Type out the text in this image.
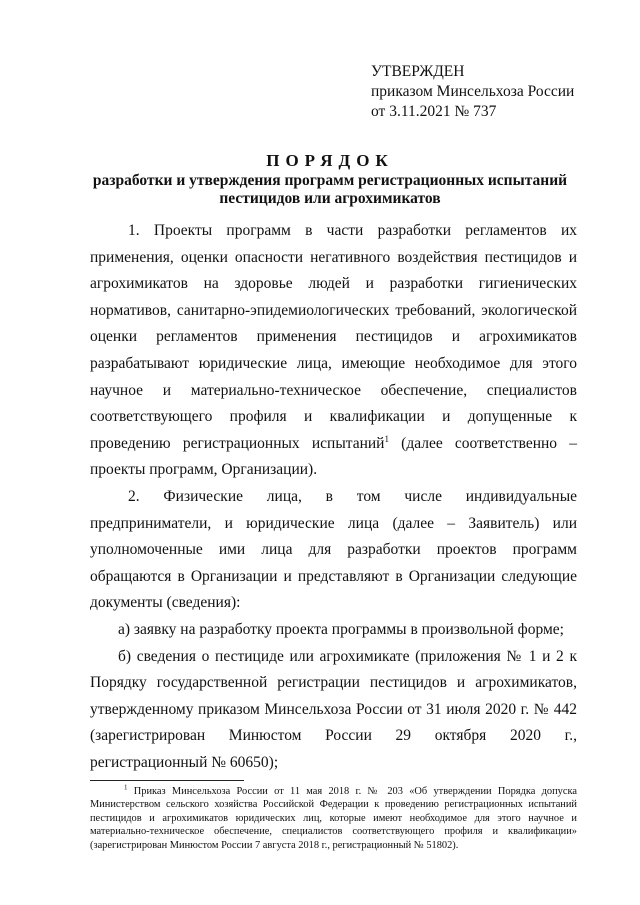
УТВЕРЖДЕН
приказом Минсельхоза России
от 3.11.2021 № 737
ПОРЯДОК
разработки и утверждения программ регистрационных испытаний
пестицидов или агрохимикатов

1. Проекты программ в части разработки регламентов их применения, оценки опасности негативного воздействия пестицидов и агрохимикатов на здоровье людей и разработки гигиенических нормативов, санитарно-эпидемиологических требований, экологической оценки регламентов применения пестицидов и агрохимикатов разрабатывают юридические лица, имеющие необходимое для этого научное и материально-техническое обеспечение, специалистов соответствующего профиля и квалификации и допущенные к проведению регистрационных испытаний$^1$ (далее соответственно – проекты программ, Организации).

2. Физические лица, в том числе индивидуальные предприниматели, и юридические лица (далее – Заявитель) или уполномоченные ими лица для разработки проектов программ обращаются в Организации и представляют в Организации следующие документы (сведения):

а) заявку на разработку проекта программы в произвольной форме;

б) сведения о пестициде или агрохимикате (приложения № 1 и 2 к Порядку государственной регистрации пестицидов и агрохимикатов, утвержденному приказом Минсельхоза России от 31 июля 2020 г. № 442 (зарегистрирован Минюстом России 29 октября 2020 г., регистрационный № 60650);

$^1$ Приказ Минсельхоза России от 11 мая 2018 г. № 203 «Об утверждении Порядка допуска Министерством сельского хозяйства Российской Федерации к проведению регистрационных испытаний пестицидов и агрохимикатов юридических лиц, которые имеют необходимое для этого научное и материально-техническое обеспечение, специалистов соответствующего профиля и квалификации» (зарегистрирован Минюстом России 7 августа 2018 г., регистрационный № 51802).
